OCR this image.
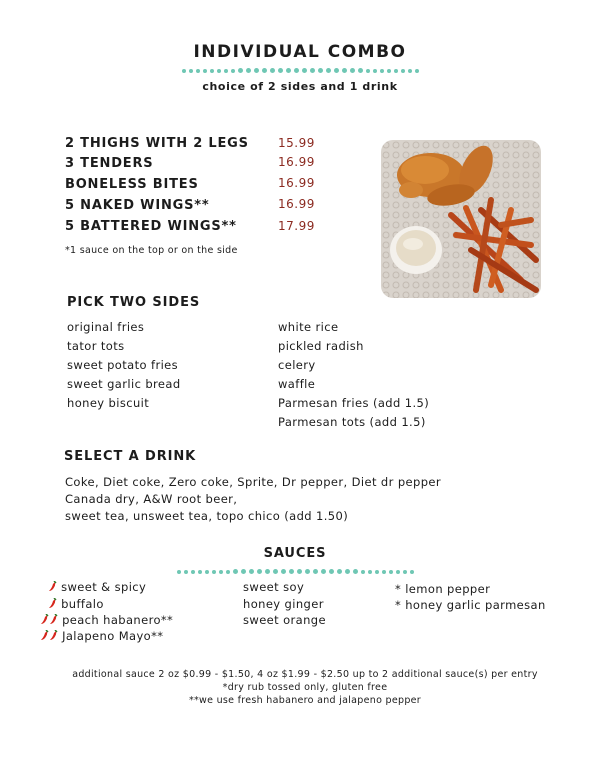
INDIVIDUAL COMBO
choice of 2 sides and 1 drink
2 THIGHS WITH 2 LEGS 15.99
3 TENDERS	16.99
BONELESS BITES	16.99
5 NAKED WINGS**	16.99
5 BATTERED WINGS**	17.99
*1 sauce on the top or on the side
PICK TWO SIDES
original fries
tator tots
sweet potato fries
sweet garlic bread
honey biscuit
white rice
pickled radish
celery
waffle
Parmesan fries (add 1.5)
Parmesan tots (add 1.5)
SELECT A DRINK
Coke, Diet coke, Zero coke, Sprite, Dr pepper, Diet dr pepper
Canada dry, A&W root beer,
sweet tea, unsweet tea, topo chico (add 1.50)
SAUCES
sweet & spicy
buffalo
peach habanero**
Jalapeno Mayo**
sweet soy
honey ginger
sweet orange
* lemon pepper
* honey garlic parmesan
additional sauce 2 oz $0.99 - $1.50, 4 oz $1.99 - $2.50 up to 2 additional sauce(s) per entry
*dry rub tossed only, gluten free
**we use fresh habanero and jalapeno pepper
